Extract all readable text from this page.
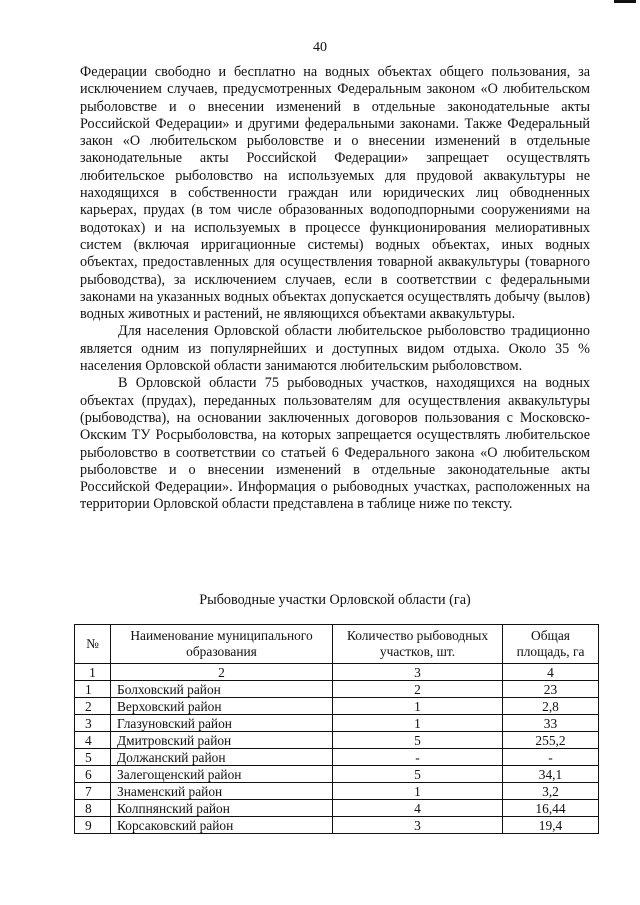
40

Федерации свободно и бесплатно на водных объектах общего пользования, за исключением случаев, предусмотренных Федеральным законом «О любительском рыболовстве и о внесении изменений в отдельные законодательные акты Российской Федерации» и другими федеральными законами. Также Федеральный закон «О любительском рыболовстве и о внесении изменений в отдельные законодательные акты Российской Федерации» запрещает осуществлять любительское рыболовство на используемых для прудовой аквакультуры не находящихся в собственности граждан или юридических лиц обводненных карьерах, прудах (в том числе образованных водоподпорными сооружениями на водотоках) и на используемых в процессе функционирования мелиоративных систем (включая ирригационные системы) водных объектах, иных водных объектах, предоставленных для осуществления товарной аквакультуры (товарного рыбоводства), за исключением случаев, если в соответствии с федеральными законами на указанных водных объектах допускается осуществлять добычу (вылов) водных животных и растений, не являющихся объектами аквакультуры.

Для населения Орловской области любительское рыболовство традиционно является одним из популярнейших и доступных видом отдыха. Около 35 % населения Орловской области занимаются любительским рыболовством.

В Орловской области 75 рыбоводных участков, находящихся на водных объектах (прудах), переданных пользователям для осуществления аквакультуры (рыбоводства), на основании заключенных договоров пользования с Московско-Окским ТУ Росрыболовства, на которых запрещается осуществлять любительское рыболовство в соответствии со статьей 6 Федерального закона «О любительском рыболовстве и о внесении изменений в отдельные законодательные акты Российской Федерации». Информация о рыбоводных участках, расположенных на территории Орловской области представлена в таблице ниже по тексту.

Рыбоводные участки Орловской области (га)
№	Наименование муниципального образования	Количество рыбоводных участков, шт.	Общая площадь, га
1	2	3	4
1	Болховский район	2	23
2	Верховский район	1	2,8
3	Глазуновский район	1	33
4	Дмитровский район	5	255,2
5	Должанский район	-	-
6	Залегощенский район	5	34,1
7	Знаменский район	1	3,2
8	Колпнянский район	4	16,44
9	Корсаковский район	3	19,4
